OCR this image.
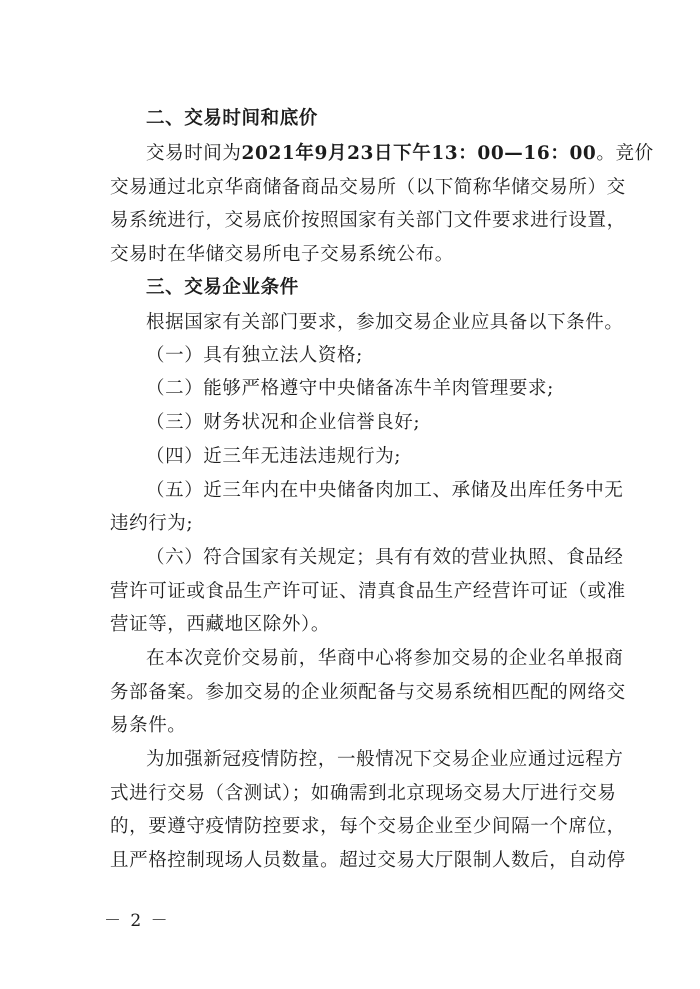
二、交易时间和底价
交易时间为2021年9月23日下午13：00—16：00。竞价
交易通过北京华商储备商品交易所（以下简称华储交易所）交
易系统进行，交易底价按照国家有关部门文件要求进行设置，
交易时在华储交易所电子交易系统公布。
三、交易企业条件
根据国家有关部门要求，参加交易企业应具备以下条件。
（一）具有独立法人资格;
（二）能够严格遵守中央储备冻牛羊肉管理要求;
（三）财务状况和企业信誉良好;
（四）近三年无违法违规行为;
（五）近三年内在中央储备肉加工、承储及出库任务中无
违约行为;
（六）符合国家有关规定；具有有效的营业执照、食品经
营许可证或食品生产许可证、清真食品生产经营许可证（或准
营证等，西藏地区除外）。
在本次竞价交易前，华商中心将参加交易的企业名单报商
务部备案。参加交易的企业须配备与交易系统相匹配的网络交
易条件。
为加强新冠疫情防控，一般情况下交易企业应通过远程方
式进行交易（含测试）；如确需到北京现场交易大厅进行交易
的，要遵守疫情防控要求，每个交易企业至少间隔一个席位，
且严格控制现场人员数量。超过交易大厅限制人数后，自动停
－ 2 －
